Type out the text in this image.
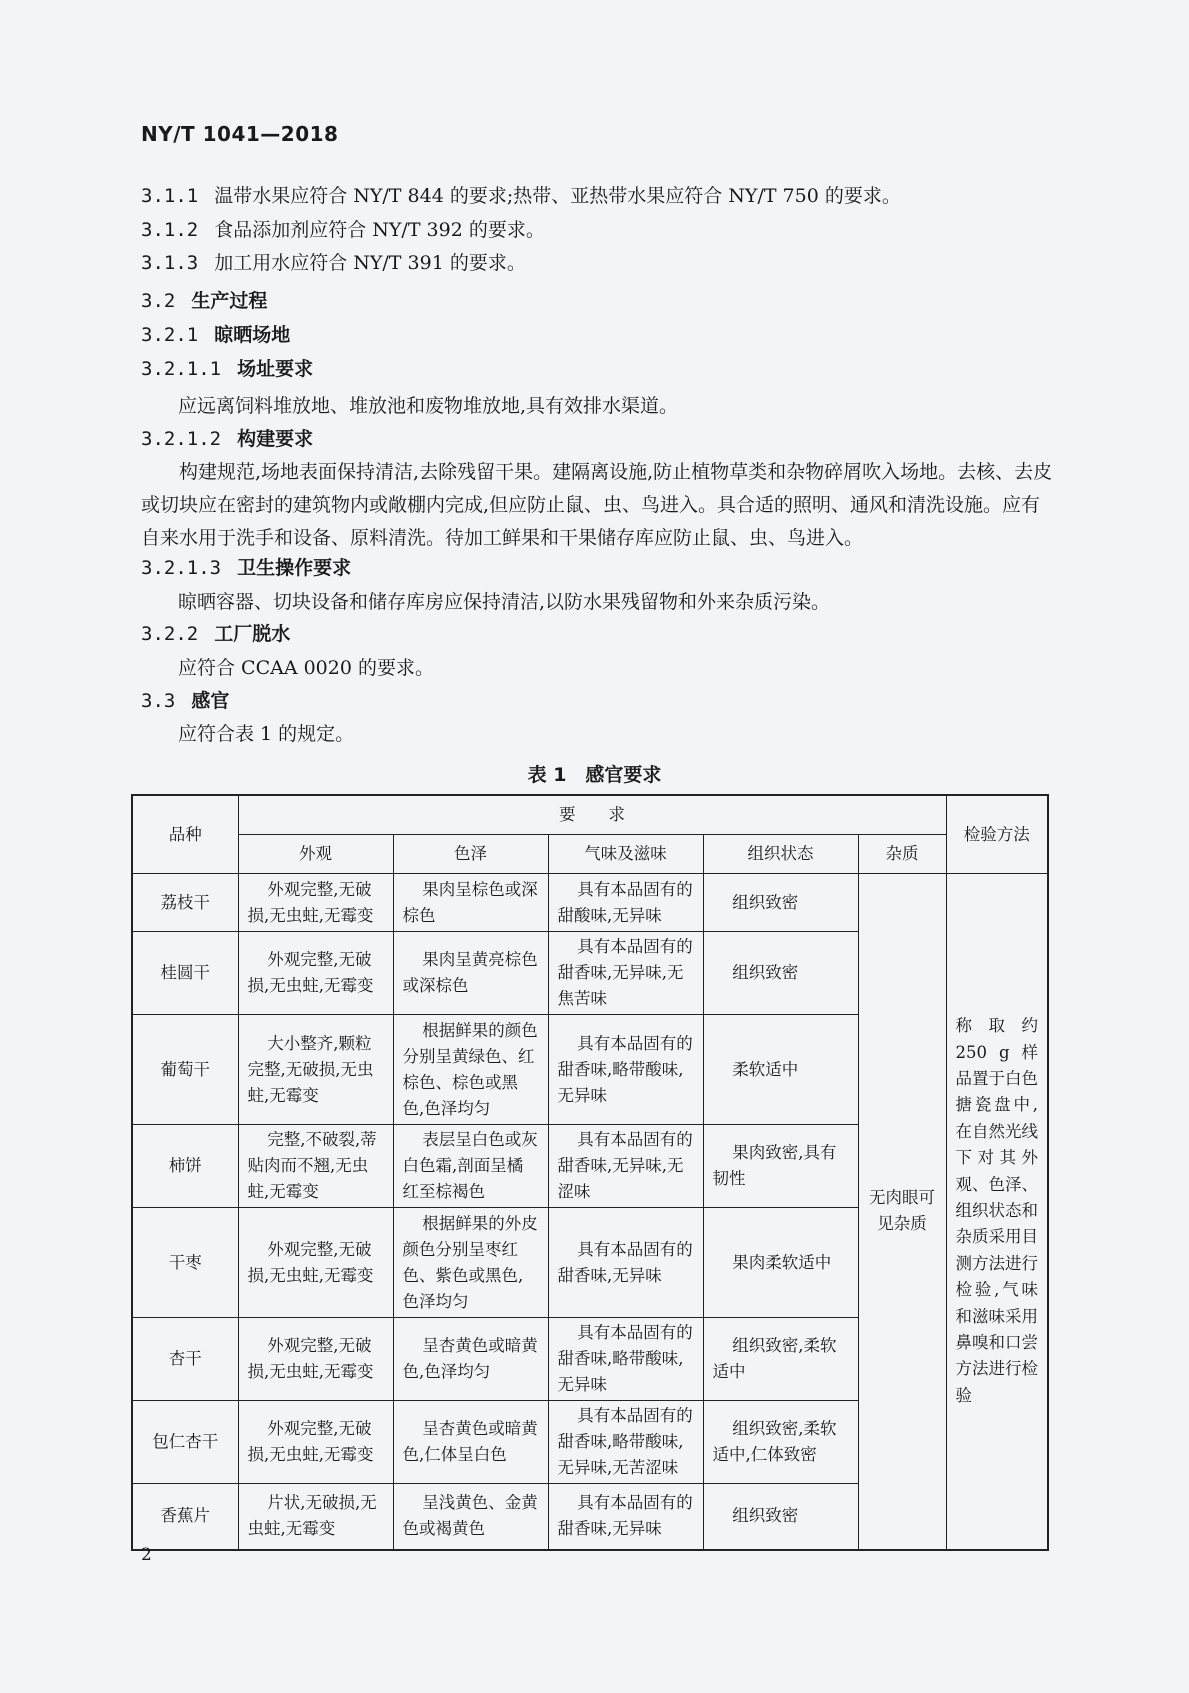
NY/T 1041—2018
3.1.1 温带水果应符合 NY/T 844 的要求;热带、亚热带水果应符合 NY/T 750 的要求。
3.1.2 食品添加剂应符合 NY/T 392 的要求。
3.1.3 加工用水应符合 NY/T 391 的要求。
3.2 生产过程
3.2.1 晾晒场地
3.2.1.1 场址要求
应远离饲料堆放地、堆放池和废物堆放地,具有效排水渠道。
3.2.1.2 构建要求
构建规范,场地表面保持清洁,去除残留干果。建隔离设施,防止植物草类和杂物碎屑吹入场地。去核、去皮或切块应在密封的建筑物内或敞棚内完成,但应防止鼠、虫、鸟进入。具合适的照明、通风和清洗设施。应有自来水用于洗手和设备、原料清洗。待加工鲜果和干果储存库应防止鼠、虫、鸟进入。
3.2.1.3 卫生操作要求
晾晒容器、切块设备和储存库房应保持清洁,以防水果残留物和外来杂质污染。
3.2.2 工厂脱水
应符合 CCAA 0020 的要求。
3.3 感官
应符合表 1 的规定。
表 1　感官要求
品种	要　　求					检验方法
	外观	色泽	气味及滋味	组织状态	杂质	
荔枝干	外观完整,无破损,无虫蛀,无霉变	果肉呈棕色或深棕色	具有本品固有的甜酸味,无异味	组织致密	无肉眼可见杂质	称取约 250 g 样品置于白色搪瓷盘中,在自然光线下对其外观、色泽、组织状态和杂质采用目测方法进行检验,气味和滋味采用鼻嗅和口尝方法进行检验
桂圆干	外观完整,无破损,无虫蛀,无霉变	果肉呈黄亮棕色或深棕色	具有本品固有的甜香味,无异味,无焦苦味	组织致密		
葡萄干	大小整齐,颗粒完整,无破损,无虫蛀,无霉变	根据鲜果的颜色分别呈黄绿色、红棕色、棕色或黑色,色泽均匀	具有本品固有的甜香味,略带酸味,无异味	柔软适中		
柿饼	完整,不破裂,蒂贴肉而不翘,无虫蛀,无霉变	表层呈白色或灰白色霜,剖面呈橘红至棕褐色	具有本品固有的甜香味,无异味,无涩味	果肉致密,具有韧性		
干枣	外观完整,无破损,无虫蛀,无霉变	根据鲜果的外皮颜色分别呈枣红色、紫色或黑色,色泽均匀	具有本品固有的甜香味,无异味	果肉柔软适中		
杏干	外观完整,无破损,无虫蛀,无霉变	呈杏黄色或暗黄色,色泽均匀	具有本品固有的甜香味,略带酸味,无异味	组织致密,柔软适中		
包仁杏干	外观完整,无破损,无虫蛀,无霉变	呈杏黄色或暗黄色,仁体呈白色	具有本品固有的甜香味,略带酸味,无异味,无苦涩味	组织致密,柔软适中,仁体致密		
香蕉片	片状,无破损,无虫蛀,无霉变	呈浅黄色、金黄色或褐黄色	具有本品固有的甜香味,无异味	组织致密		
2
